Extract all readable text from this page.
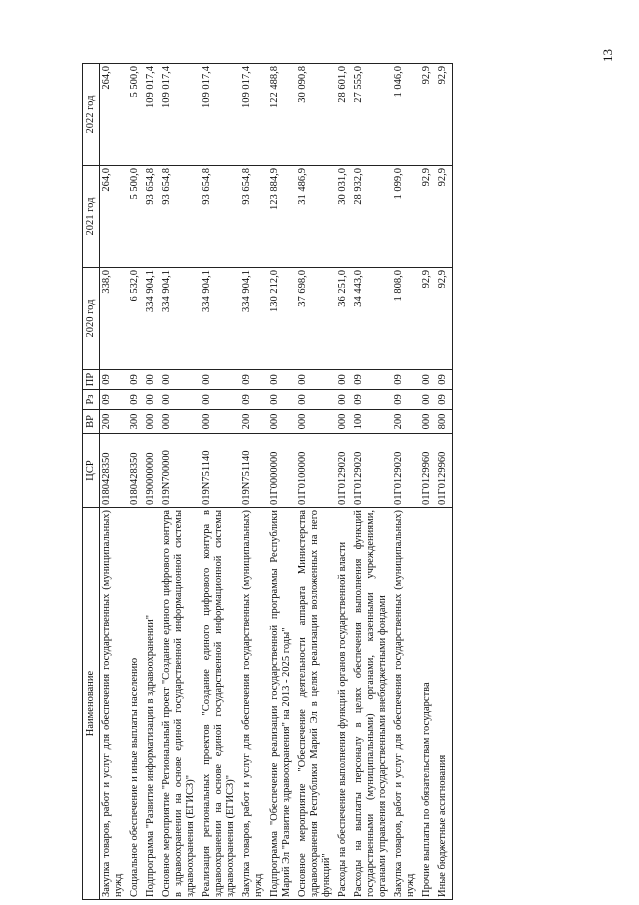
13
Наименование	ЦСР	ВР	Рз	ПР	2020 год	2021 год	2022 год
Закупка товаров, работ и услуг для обеспечения государственных (муниципальных) нужд	0180428350	200	09	09	338,0	264,0	264,0
Социальное обеспечение и иные выплаты населению	0180428350	300	09	09	6 532,0	5 500,0	5 500,0
Подпрограмма "Развитие информатизации в здравоохранении"	0190000000	000	00	00	334 904,1	93 654,8	109 017,4
Основное мероприятие "Региональный проект "Создание единого цифрового контура в здравоохранении на основе единой государственной информационной системы здравоохранения (ЕГИСЗ)"	019N700000	000	00	00	334 904,1	93 654,8	109 017,4
Реализация региональных проектов "Создание единого цифрового контура в здравоохранении на основе единой государственной информационной системы здравоохранения (ЕГИСЗ)"	019N751140	000	00	00	334 904,1	93 654,8	109 017,4
Закупка товаров, работ и услуг для обеспечения государственных (муниципальных) нужд	019N751140	200	09	09	334 904,1	93 654,8	109 017,4
Подпрограмма "Обеспечение реализации государственной программы Республики Марий Эл "Развитие здравоохранения" на 2013 - 2025 годы"	01Г0000000	000	00	00	130 212,0	123 884,9	122 488,8
Основное мероприятие "Обеспечение деятельности аппарата Министерства здравоохранения Республики Марий Эл в целях реализации возложенных на него функций"	01Г0100000	000	00	00	37 698,0	31 486,9	30 090,8
Расходы на обеспечение выполнения функций органов государственной власти	01Г0129020	000	00	00	36 251,0	30 031,0	28 601,0
Расходы на выплаты персоналу в целях обеспечения выполнения функций государственными (муниципальными) органами, казенными учреждениями, органами управления государственными внебюджетными фондами	01Г0129020	100	09	09	34 443,0	28 932,0	27 555,0
Закупка товаров, работ и услуг для обеспечения государственных (муниципальных) нужд	01Г0129020	200	09	09	1 808,0	1 099,0	1 046,0
Прочие выплаты по обязательствам государства	01Г0129960	000	00	00	92,9	92,9	92,9
Иные бюджетные ассигнования	01Г0129960	800	09	09	92,9	92,9	92,9
